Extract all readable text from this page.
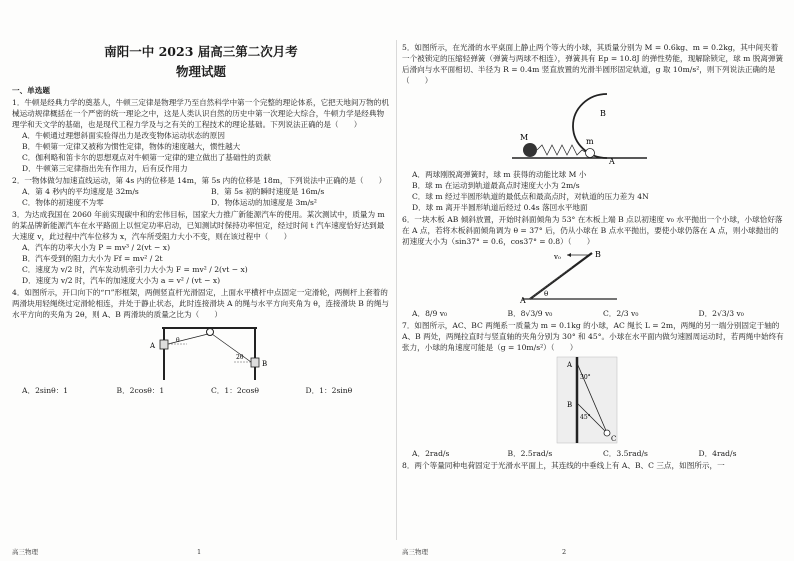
南阳一中 2023 届高三第二次月考
物理试题
一、单选题
1．牛顿是经典力学的奠基人，牛顿三定律是物理学乃至自然科学中第一个完整的理论体系，它把天地间万物的机械运动规律概括在一个严密的统一理论之中，这是人类认识自然的历史中第一次理论大综合，牛顿力学是经典物理学和天文学的基础，也是现代工程力学及与之有关的工程技术的理论基础。下列说法正确的是（　　）
A．牛顿通过理想斜面实验得出力是改变物体运动状态的原因
B．牛顿第一定律又被称为惯性定律，物体的速度越大，惯性越大
C．伽利略和笛卡尔的思想观点对牛顿第一定律的建立做出了基础性的贡献
D．牛顿第三定律指出先有作用力，后有反作用力
2．一物体做匀加速直线运动，第 4s 内的位移是 14m，第 5s 内的位移是 18m，下列说法中正确的是（　　）
A．第 4 秒内的平均速度是 32m/s	B．第 5s 初的瞬时速度是 16m/s
C．物体的初速度不为零	D．物体运动的加速度是 3m/s²
3．为达成我国在 2060 年前实现碳中和的宏伟目标，国家大力推广新能源汽车的使用。某次测试中，质量为 m 的某品牌新能源汽车在水平路面上以恒定功率启动，已知测试时保持功率恒定，经过时间 t 汽车速度恰好达到最大速度 v，此过程中汽车位移为 x，汽车所受阻力大小不变，则在该过程中（　　）
A．汽车的功率大小为 P = mv³ / 2(vt − x)
B．汽车受到的阻力大小为 Ff = mv² / 2t
C．速度为 v/2 时，汽车发动机牵引力大小为 F = mv² / 2(vt − x)
D．速度为 v/2 时，汽车的加速度大小为 a = v² / (vt − x)
4．如图所示，开口向下的“⊓”形框架，两侧竖直杆光滑固定，上面水平横杆中点固定一定滑轮，两侧杆上套着的两滑块用轻绳绕过定滑轮相连，并处于静止状态，此时连接滑块 A 的绳与水平方向夹角为 θ，连接滑块 B 的绳与水平方向的夹角为 2θ，则 A、B 两滑块的质量之比为（　　）
A
B
θ
2θ
A．2sinθ：1	B．2cosθ：1	C．1：2cosθ	D．1：2sinθ
高三物理	1
5．如图所示，在光滑的水平桌面上静止两个等大的小球，其质量分别为 M = 0.6kg、m = 0.2kg，其中间夹着一个被锁定的压缩轻弹簧（弹簧与两球不相连），弹簧具有 Ep = 10.8J 的弹性势能，现解除锁定，球 m 脱离弹簧后滑向与水平面相切、半径为 R = 0.4m 竖直放置的光滑半圆形固定轨道，g 取 10m/s²，则下列说法正确的是（　　）
M	m
B
A
A．两球刚脱离弹簧时，球 m 获得的动能比球 M 小
B．球 m 在运动到轨道最高点时速度大小为 2m/s
C．球 m 经过半圆形轨道的最低点和最高点时，对轨道的压力差为 4N
D．球 m 离开半圆形轨道后经过 0.4s 落回水平地面
6．一块木板 AB 倾斜放置，开始时斜面倾角为 53° 在木板上端 B 点以初速度 v₀ 水平抛出一个小球，小球恰好落在 A 点，若将木板斜面倾角调为 θ = 37° 后，仍从小球在 B 点水平抛出，要使小球仍落在 A 点，则小球抛出的初速度大小为（sin37° = 0.6，cos37° = 0.8）（　　）
v₀	B
A
θ
A．8/9 v₀	B．8√3/9 v₀	C．2/3 v₀	D．2√3/3 v₀
7．如图所示，AC、BC 两绳系一质量为 m = 0.1kg 的小球，AC 绳长 L = 2m，两绳的另一端分别固定于轴的 A、B 两处，两绳拉直时与竖直轴的夹角分别为 30° 和 45°。小球在水平面内做匀速圆周运动时，若两绳中始终有张力，小球的角速度可能是（g = 10m/s²）（　　）
A
B
C
30°
45°
A．2rad/s	B．2.5rad/s	C．3.5rad/s	D．4rad/s
8．两个等量同种电荷固定于光滑水平面上，其连线的中垂线上有 A、B、C 三点，如图所示，一
高三物理	2
